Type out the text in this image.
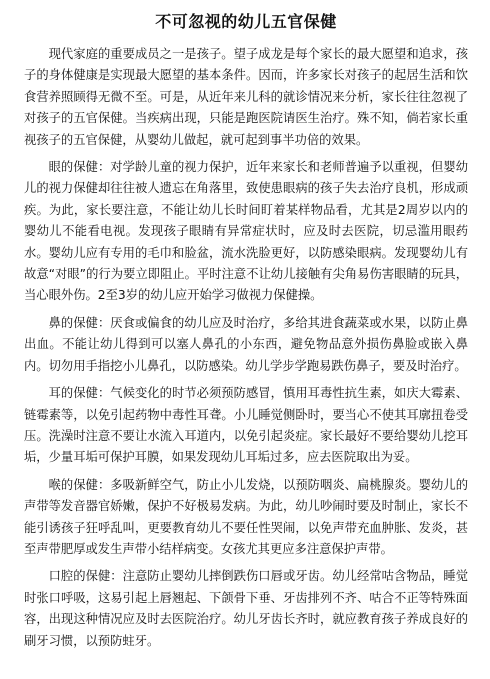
不可忽视的幼儿五官保健

现代家庭的重要成员之一是孩子。望子成龙是每个家长的最大愿望和追求，孩子的身体健康是实现最大愿望的基本条件。因而，许多家长对孩子的起居生活和饮食营养照顾得无微不至。可是，从近年来儿科的就诊情况来分析，家长往往忽视了对孩子的五官保健。当疾病出现，只能是跑医院请医生治疗。殊不知，倘若家长重视孩子的五官保健，从婴幼儿做起，就可起到事半功倍的效果。

眼的保健：对学龄儿童的视力保护，近年来家长和老师普遍予以重视，但婴幼儿的视力保健却往往被人遗忘在角落里，致使患眼病的孩子失去治疗良机，形成顽疾。为此，家长要注意，不能让幼儿长时间盯着某样物品看，尤其是2周岁以内的婴幼儿不能看电视。发现孩子眼睛有异常症状时，应及时去医院，切忌滥用眼药水。婴幼儿应有专用的毛巾和脸盆，流水洗脸更好，以防感染眼病。发现婴幼儿有故意“对眼”的行为要立即阻止。平时注意不让幼儿接触有尖角易伤害眼睛的玩具，当心眼外伤。2至3岁的幼儿应开始学习做视力保健操。

鼻的保健：厌食或偏食的幼儿应及时治疗，多给其进食蔬菜或水果，以防止鼻出血。不能让幼儿得到可以塞人鼻孔的小东西，避免物品意外损伤鼻脸或嵌入鼻内。切勿用手指挖小儿鼻孔，以防感染。幼儿学步学跑易跌伤鼻子，要及时治疗。

耳的保健：气候变化的时节必须预防感冒，慎用耳毒性抗生素，如庆大霉素、链霉素等，以免引起药物中毒性耳聋。小儿睡觉侧卧时，要当心不使其耳廓扭卷受压。洗澡时注意不要让水流入耳道内，以免引起炎症。家长最好不要给婴幼儿挖耳垢，少量耳垢可保护耳膜，如果发现幼儿耳垢过多，应去医院取出为妥。

喉的保健：多吸新鲜空气，防止小儿发烧，以预防咽炎、扁桃腺炎。婴幼儿的声带等发音器官娇嫩，保护不好极易发病。为此，幼儿吵闹时要及时制止，家长不能引诱孩子狂呼乱叫，更要教育幼儿不要任性哭闹，以免声带充血肿胀、发炎，甚至声带肥厚或发生声带小结样病变。女孩尤其更应多注意保护声带。

口腔的保健：注意防止婴幼儿摔倒跌伤口唇或牙齿。幼儿经常咕含物品，睡觉时张口呼吸，这易引起上唇翘起、下颌骨下垂、牙齿排列不齐、咕合不正等特殊面容，出现这种情况应及时去医院治疗。幼儿牙齿长齐时，就应教育孩子养成良好的刷牙习惯，以预防蛀牙。
